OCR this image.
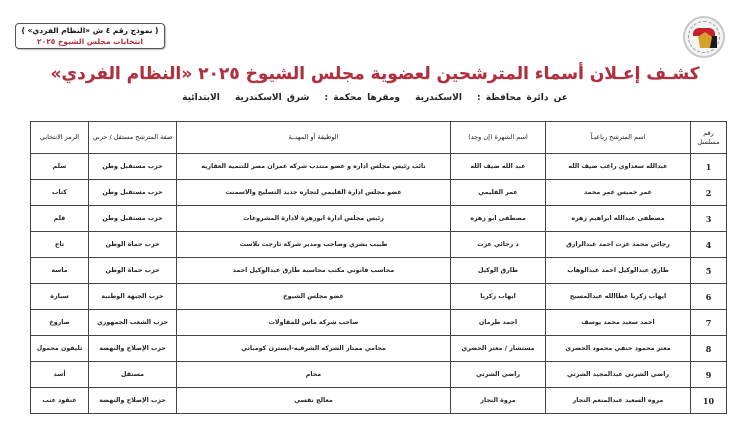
( نموذج رقم ٤ ش «النظام الفردي» )
انتخابات مجلس الشيوخ ٢٠٢٥
كشـف إعـلان أسماء المترشحين لعضوية مجلس الشيوخ ٢٠٢٥ «النظام الفردي»
عن دائرة محافظة : الاسكندرية ومقرها محكمة : شرق الاسكندرية الابتدائية
رقم مسلسل	اسم المترشح رباعيـاً	اسم الشهرة (إن وجد)	الوظيفة أو المهنــة	صفة المترشح مستقل / حزبي	الرمز الانتخابي
1	عبدالله سعداوي راغب ضيف الله	عبد الله ضيف الله	نائب رئيس مجلس اداره و عضو منتدب شركه عمران مصر للتنمية العقاريه	حزب مستقبل وطن	سلم
2	عمر خميس عمر محمد	عمر القليمي	عضو مجلس ادارة القليمي لتجاره حديد التسليح والاسمنت	حزب مستقبل وطن	كتاب
3	مصطفى عبدالله ابراهيم زهره	مصطفى ابو زهره	رئيس مجلس ادارة ابوزهرة لادارة المشروعات	حزب مستقبل وطن	قلم
4	رجائي محمد عزت احمد عبدالرازق	د رجائي عزت	طبيب بشري وصاحب ومدير شركة تارجت بلاست	حزب حماة الوطن	تاج
5	طارق عبدالوكيل احمد عبدالوهاب	طارق الوكيل	محاسب قانوني مكتب محاسبة طارق عبدالوكيل احمد	حزب حماة الوطن	ماسة
6	ايهاب زكريا عطاالله عبدالمسيح	ايهاب زكريا	عضو مجلس الشيوخ	حزب الجبهة الوطنية	سيارة
7	احمد سعيد محمد يوسف	احمد طرمان	صاحب شركة ماس للمقاولات	حزب الشعب الجمهوري	صاروخ
8	معتز محمود حنفي محمود الحضري	مستشار / معتز الحضري	محامي ممتاز الشركه الشرقيه-ايسترن كومباني	حزب الإصلاح والنهضة	تليفون محمول
9	راضي الشرتي عبدالمجيد الشرتي	راضي الشرتي	محام	مستقل	أسد
10	مروه السعيد عبدالمنعم النجار	مروة النجار	معالج نفسي	حزب الإصلاح والنهضة	عنقود عنب
